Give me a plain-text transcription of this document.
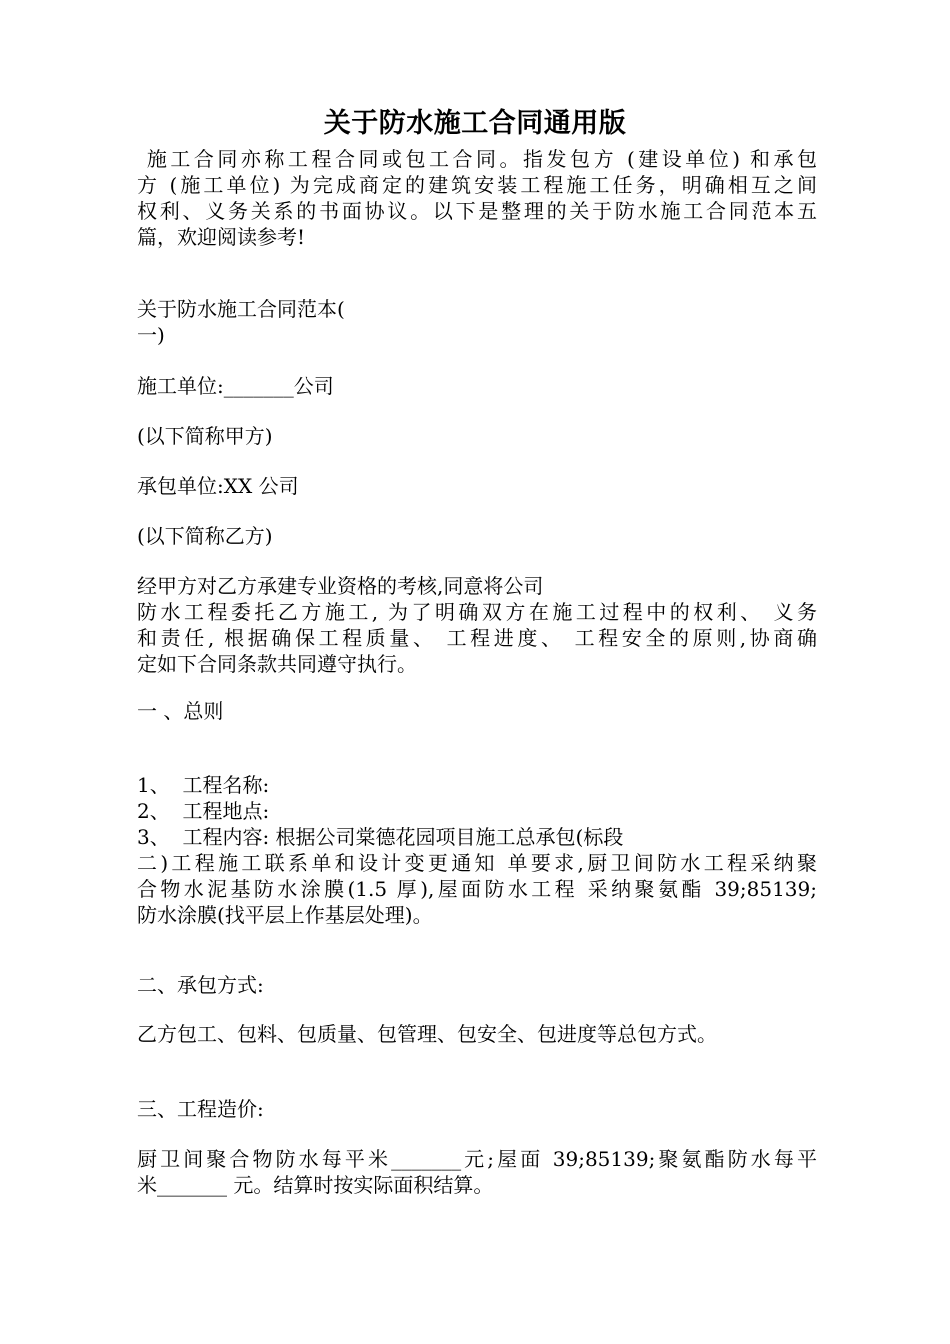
关于防水施工合同通用版
施工合同亦称工程合同或包工合同。指发包方 (建设单位) 和承包
方 (施工单位) 为完成商定的建筑安装工程施工任务，明确相互之间
权利、义务关系的书面协议。以下是整理的关于防水施工合同范本五
篇，欢迎阅读参考!
关于防水施工合同范本(
一)
施工单位:_______公司
(以下简称甲方)
承包单位:XX 公司
(以下简称乙方)
经甲方对乙方承建专业资格的考核,同意将公司
防水工程委托乙方施工, 为了明确双方在施工过程中的权利、 义务
和责任, 根据确保工程质量、 工程进度、 工程安全的原则,协商确
定如下合同条款共同遵守执行。
一 、总则
1、  工程名称:
2、  工程地点:
3、  工程内容: 根据公司棠德花园项目施工总承包(标段
二)工程施工联系单和设计变更通知 单要求,厨卫间防水工程采纳聚
合物水泥基防水涂膜(1.5 厚),屋面防水工程 采纳聚氨酯 39;85139;
防水涂膜(找平层上作基层处理)。
二、承包方式:
乙方包工、包料、包质量、包管理、包安全、包进度等总包方式。
三、工程造价:
厨卫间聚合物防水每平米_______元;屋面 39;85139;聚氨酯防水每平
米_______ 元。结算时按实际面积结算。
